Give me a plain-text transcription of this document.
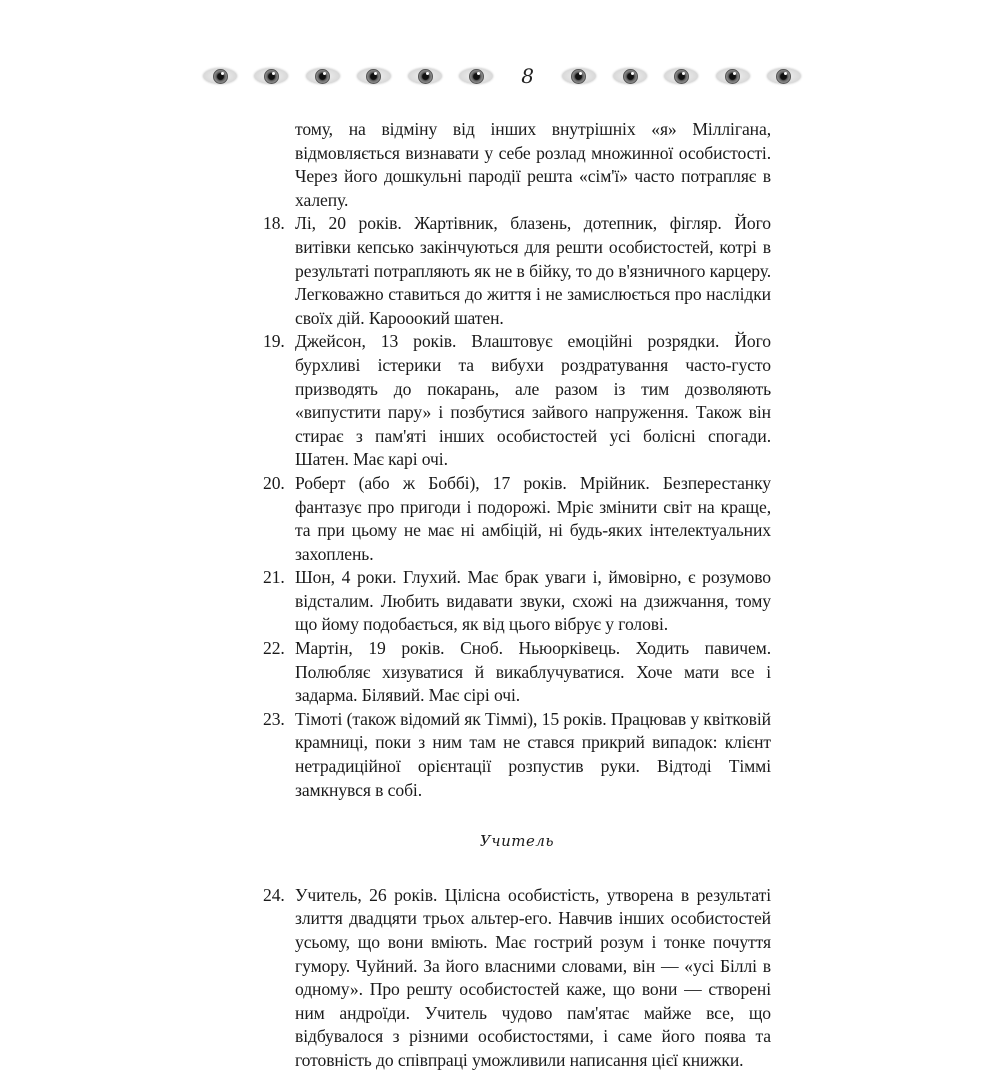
8

тому, на відміну від інших внутрішніх «я» Міллігана, відмовляється визнавати у себе розлад множинної особистості. Через його дошкульні пародії решта «сім'ї» часто потрапляє в халепу.

18. Лі, 20 років. Жартівник, блазень, дотепник, фігляр. Його витівки кепсько закінчуються для решти особистостей, котрі в результаті потрапляють як не в бійку, то до в'язничного карцеру. Легковажно ставиться до життя і не замислюється про наслідки своїх дій. Карооокий шатен.
19. Джейсон, 13 років. Влаштовує емоційні розрядки. Його бурхливі істерики та вибухи роздратування часто-густо призводять до покарань, але разом із тим дозволяють «випустити пару» і позбутися зайвого напруження. Також він стирає з пам'яті інших особистостей усі болісні спогади. Шатен. Має карі очі.
20. Роберт (або ж Боббі), 17 років. Мрійник. Безперестанку фантазує про пригоди і подорожі. Мріє змінити світ на краще, та при цьому не має ні амбіцій, ні будь-яких інтелектуальних захоплень.
21. Шон, 4 роки. Глухий. Має брак уваги і, ймовірно, є розумово відсталим. Любить видавати звуки, схожі на дзижчання, тому що йому подобається, як від цього вібрує у голові.
22. Мартін, 19 років. Сноб. Ньюорківець. Ходить павичем. Полюбляє хизуватися й викаблучуватися. Хоче мати все і задарма. Білявий. Має сірі очі.
23. Тімоті (також відомий як Тіммі), 15 років. Працював у квітковій крамниці, поки з ним там не стався прикрий випадок: клієнт нетрадиційної орієнтації розпустив руки. Відтоді Тіммі замкнувся в собі.
Учитель
24. Учитель, 26 років. Цілісна особистість, утворена в результаті злиття двадцяти трьох альтер-его. Навчив інших особистостей усьому, що вони вміють. Має гострий розум і тонке почуття гумору. Чуйний. За його власними словами, він — «усі Біллі в одному». Про решту особистостей каже, що вони — створені ним андроїди. Учитель чудово пам'ятає майже все, що відбувалося з різними особистостями, і саме його поява та готовність до співпраці уможливили написання цієї книжки.
